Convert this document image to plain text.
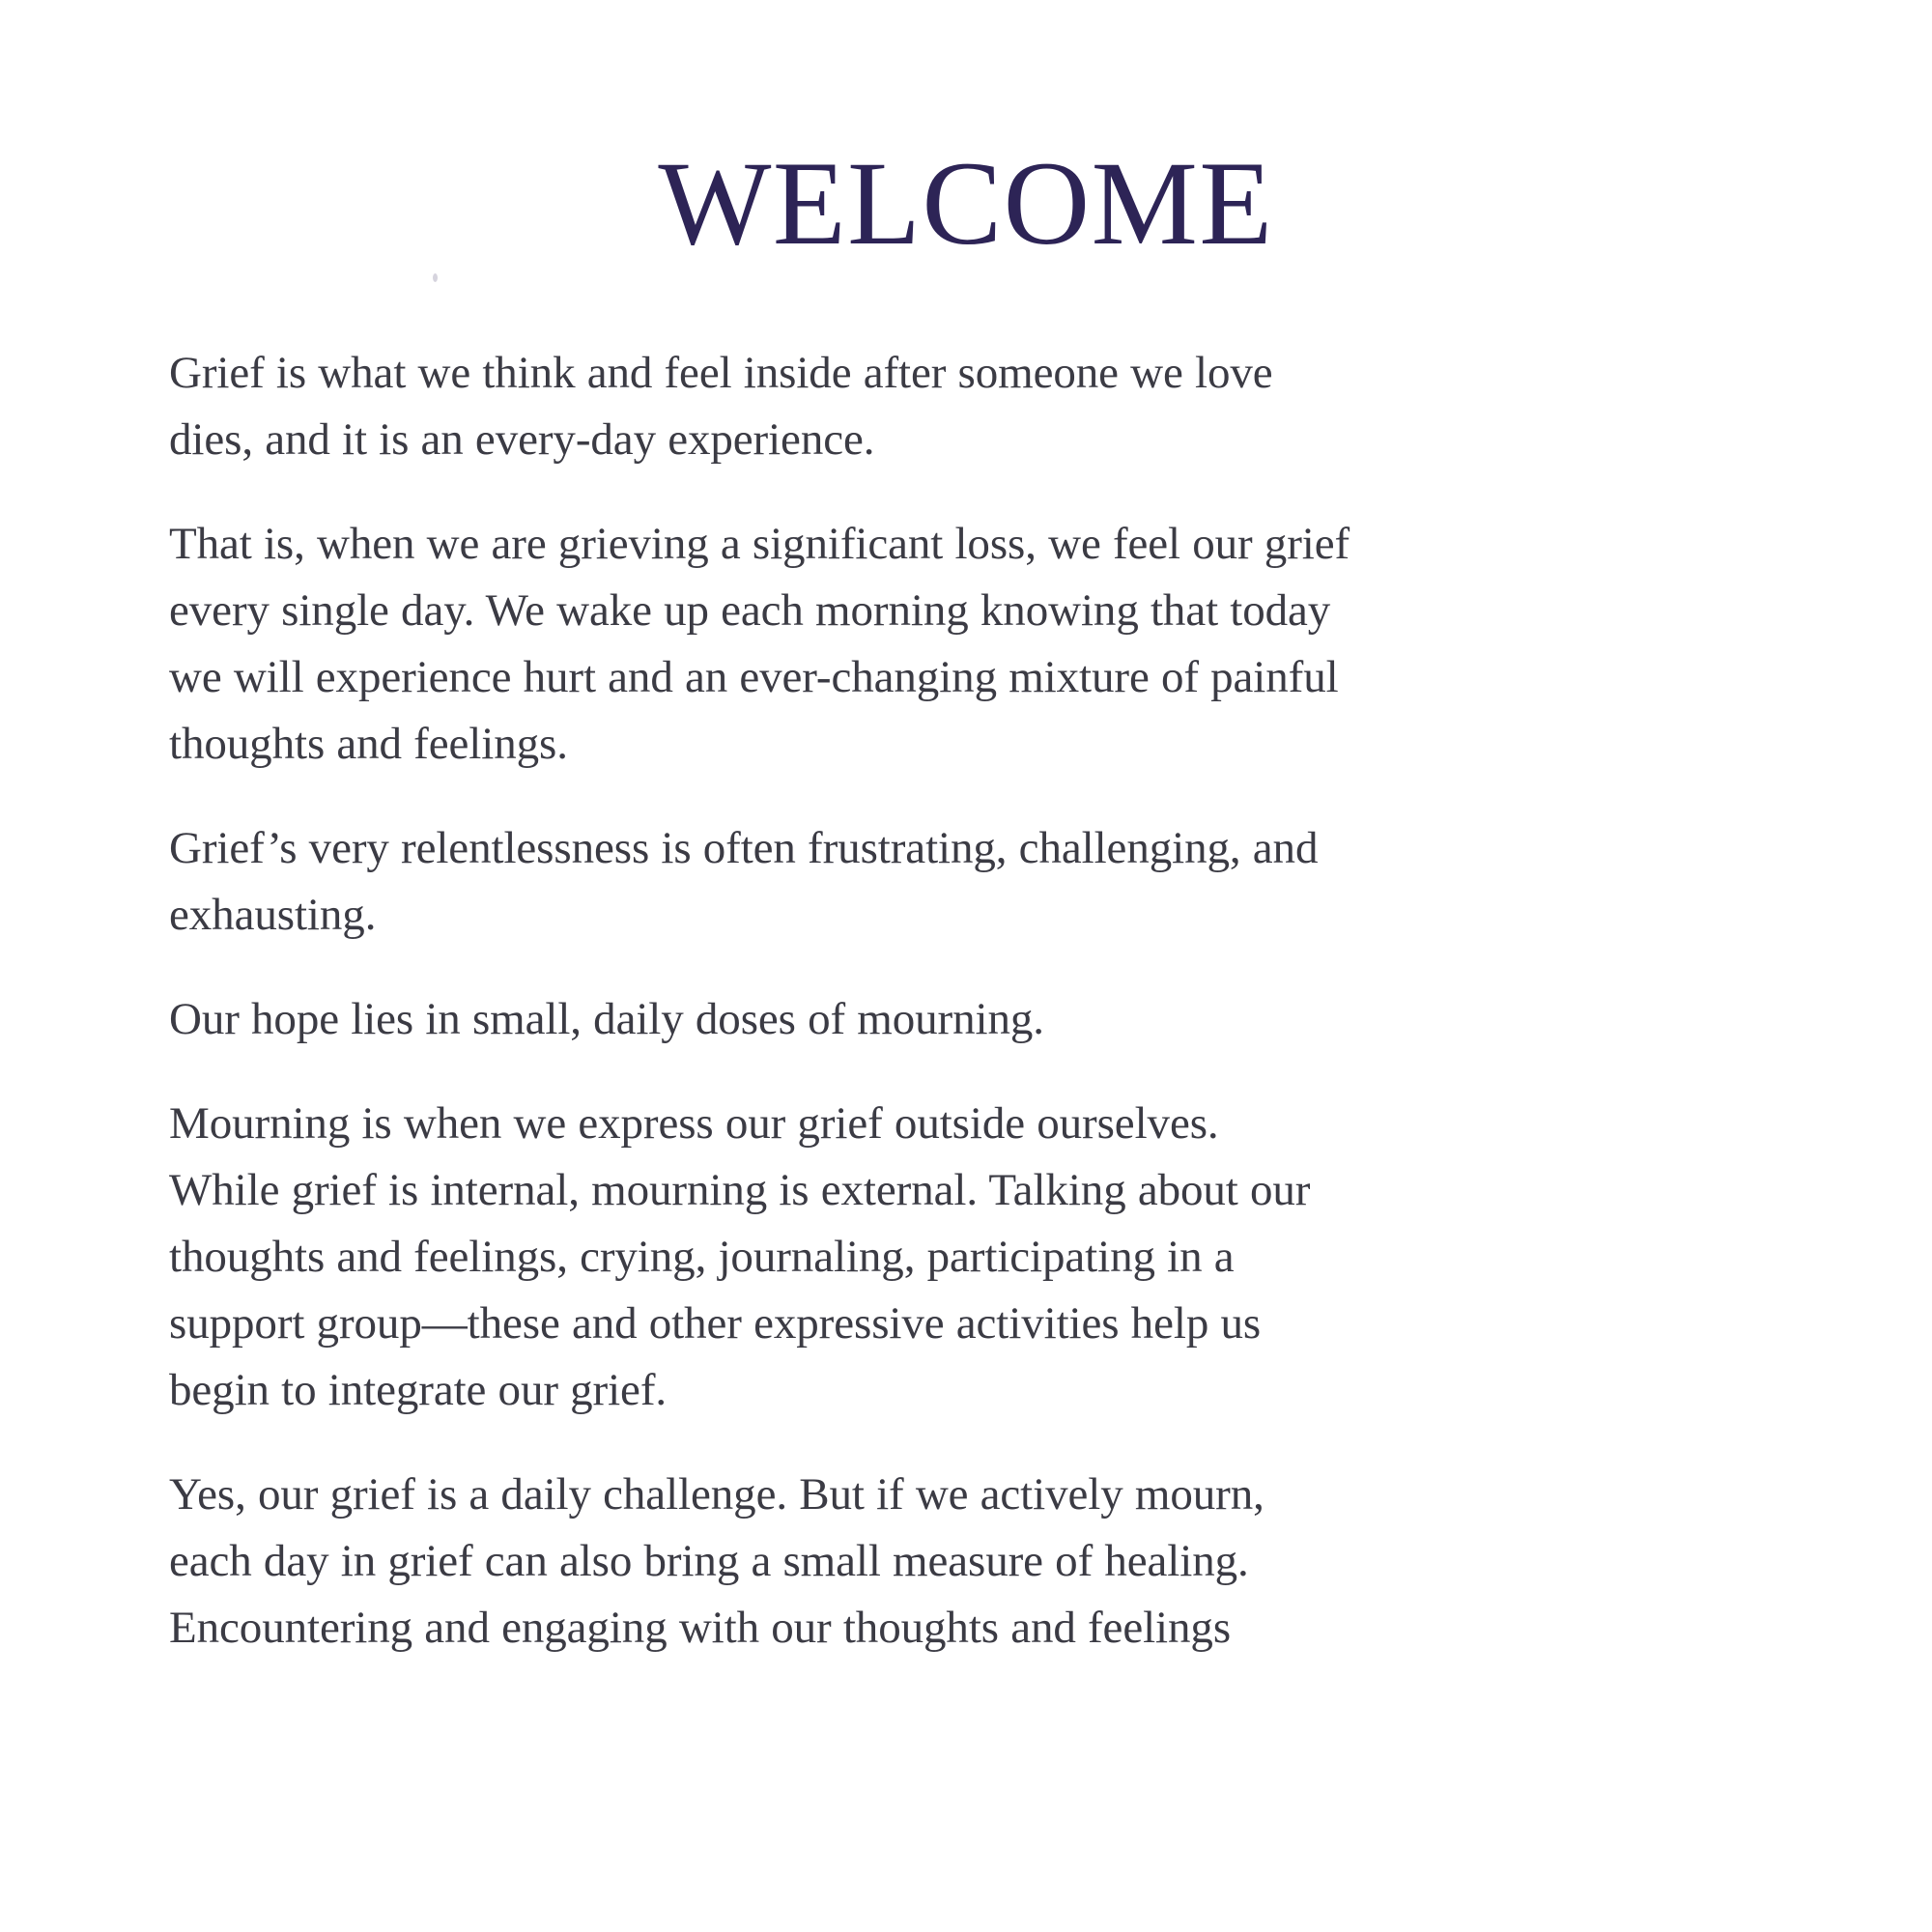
WELCOME

Grief is what we think and feel inside after someone we love dies, and it is an every-day experience.

That is, when we are grieving a significant loss, we feel our grief every single day. We wake up each morning knowing that today we will experience hurt and an ever-changing mixture of painful thoughts and feelings.

Grief’s very relentlessness is often frustrating, challenging, and exhausting.

Our hope lies in small, daily doses of mourning.

Mourning is when we express our grief outside ourselves. While grief is internal, mourning is external. Talking about our thoughts and feelings, crying, journaling, participating in a support group—these and other expressive activities help us begin to integrate our grief.

Yes, our grief is a daily challenge. But if we actively mourn, each day in grief can also bring a small measure of healing. Encountering and engaging with our thoughts and feelings
